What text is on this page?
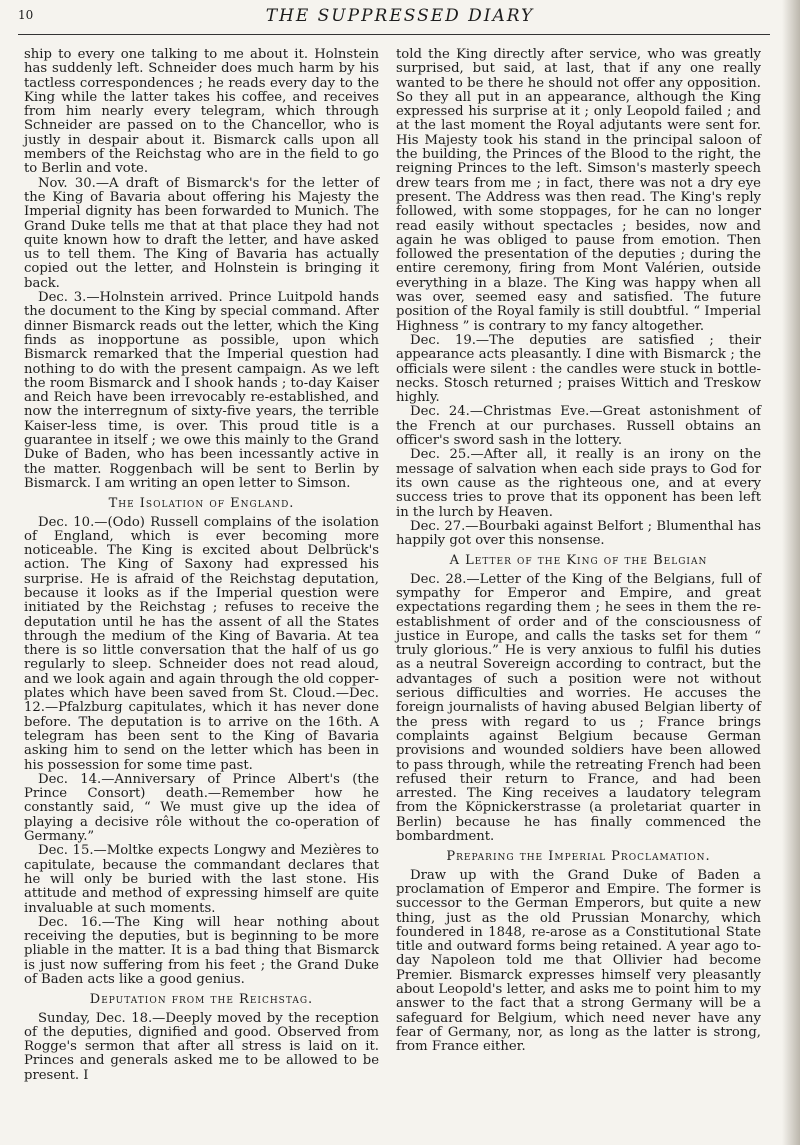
10	THE SUPPRESSED DIARY

ship to every one talking to me about it. Holnstein has suddenly left. Schneider does much harm by his tactless correspondences ; he reads every day to the King while the latter takes his coffee, and receives from him nearly every telegram, which through Schneider are passed on to the Chancellor, who is justly in despair about it. Bismarck calls upon all members of the Reichstag who are in the field to go to Berlin and vote.

Nov. 30.—A draft of Bismarck's for the letter of the King of Bavaria about offering his Majesty the Imperial dignity has been forwarded to Munich. The Grand Duke tells me that at that place they had not quite known how to draft the letter, and have asked us to tell them. The King of Bavaria has actually copied out the letter, and Holnstein is bringing it back.

Dec. 3.—Holnstein arrived. Prince Luitpold hands the document to the King by special command. After dinner Bismarck reads out the letter, which the King finds as inopportune as possible, upon which Bismarck remarked that the Imperial question had nothing to do with the present campaign. As we left the room Bismarck and I shook hands ; to-day Kaiser and Reich have been irrevocably re-established, and now the interregnum of sixty-five years, the terrible Kaiser-less time, is over. This proud title is a guarantee in itself ; we owe this mainly to the Grand Duke of Baden, who has been incessantly active in the matter. Roggenbach will be sent to Berlin by Bismarck. I am writing an open letter to Simson.

The Isolation of England.

Dec. 10.—(Odo) Russell complains of the isolation of England, which is ever becoming more noticeable. The King is excited about Delbrück's action. The King of Saxony had expressed his surprise. He is afraid of the Reichstag deputation, because it looks as if the Imperial question were initiated by the Reichstag ; refuses to receive the deputation until he has the assent of all the States through the medium of the King of Bavaria. At tea there is so little conversation that the half of us go regularly to sleep. Schneider does not read aloud, and we look again and again through the old copper-plates which have been saved from St. Cloud.—Dec. 12.—Pfalzburg capitulates, which it has never done before. The deputation is to arrive on the 16th. A telegram has been sent to the King of Bavaria asking him to send on the letter which has been in his possession for some time past.

Dec. 14.—Anniversary of Prince Albert's (the Prince Consort) death.—Remember how he constantly said, “ We must give up the idea of playing a decisive rôle without the co-operation of Germany.”

Dec. 15.—Moltke expects Longwy and Mezières to capitulate, because the commandant declares that he will only be buried with the last stone. His attitude and method of expressing himself are quite invaluable at such moments.

Dec. 16.—The King will hear nothing about receiving the deputies, but is beginning to be more pliable in the matter. It is a bad thing that Bismarck is just now suffering from his feet ; the Grand Duke of Baden acts like a good genius.

Deputation from the Reichstag.

Sunday, Dec. 18.—Deeply moved by the reception of the deputies, dignified and good. Observed from Rogge's sermon that after all stress is laid on it. Princes and generals asked me to be allowed to be present. I

told the King directly after service, who was greatly surprised, but said, at last, that if any one really wanted to be there he should not offer any opposition. So they all put in an appearance, although the King expressed his surprise at it ; only Leopold failed ; and at the last moment the Royal adjutants were sent for. His Majesty took his stand in the principal saloon of the building, the Princes of the Blood to the right, the reigning Princes to the left. Simson's masterly speech drew tears from me ; in fact, there was not a dry eye present. The Address was then read. The King's reply followed, with some stoppages, for he can no longer read easily without spectacles ; besides, now and again he was obliged to pause from emotion. Then followed the presentation of the deputies ; during the entire ceremony, firing from Mont Valérien, outside everything in a blaze. The King was happy when all was over, seemed easy and satisfied. The future position of the Royal family is still doubtful. “ Imperial Highness ” is contrary to my fancy altogether.

Dec. 19.—The deputies are satisfied ; their appearance acts pleasantly. I dine with Bismarck ; the officials were silent : the candles were stuck in bottle-necks. Stosch returned ; praises Wittich and Treskow highly.

Dec. 24.—Christmas Eve.—Great astonishment of the French at our purchases. Russell obtains an officer's sword sash in the lottery.

Dec. 25.—After all, it really is an irony on the message of salvation when each side prays to God for its own cause as the righteous one, and at every success tries to prove that its opponent has been left in the lurch by Heaven.

Dec. 27.—Bourbaki against Belfort ; Blumenthal has happily got over this nonsense.

A Letter of the King of the Belgian

Dec. 28.—Letter of the King of the Belgians, full of sympathy for Emperor and Empire, and great expectations regarding them ; he sees in them the re-establishment of order and of the consciousness of justice in Europe, and calls the tasks set for them “ truly glorious.” He is very anxious to fulfil his duties as a neutral Sovereign according to contract, but the advantages of such a position were not without serious difficulties and worries. He accuses the foreign journalists of having abused Belgian liberty of the press with regard to us ; France brings complaints against Belgium because German provisions and wounded soldiers have been allowed to pass through, while the retreating French had been refused their return to France, and had been arrested. The King receives a laudatory telegram from the Köpnickerstrasse (a proletariat quarter in Berlin) because he has finally commenced the bombardment.

Preparing the Imperial Proclamation.

Draw up with the Grand Duke of Baden a proclamation of Emperor and Empire. The former is successor to the German Emperors, but quite a new thing, just as the old Prussian Monarchy, which foundered in 1848, re-arose as a Constitutional State title and outward forms being retained. A year ago to-day Napoleon told me that Ollivier had become Premier. Bismarck expresses himself very pleasantly about Leopold's letter, and asks me to point him to my answer to the fact that a strong Germany will be a safeguard for Belgium, which need never have any fear of Germany, nor, as long as the latter is strong, from France either.
